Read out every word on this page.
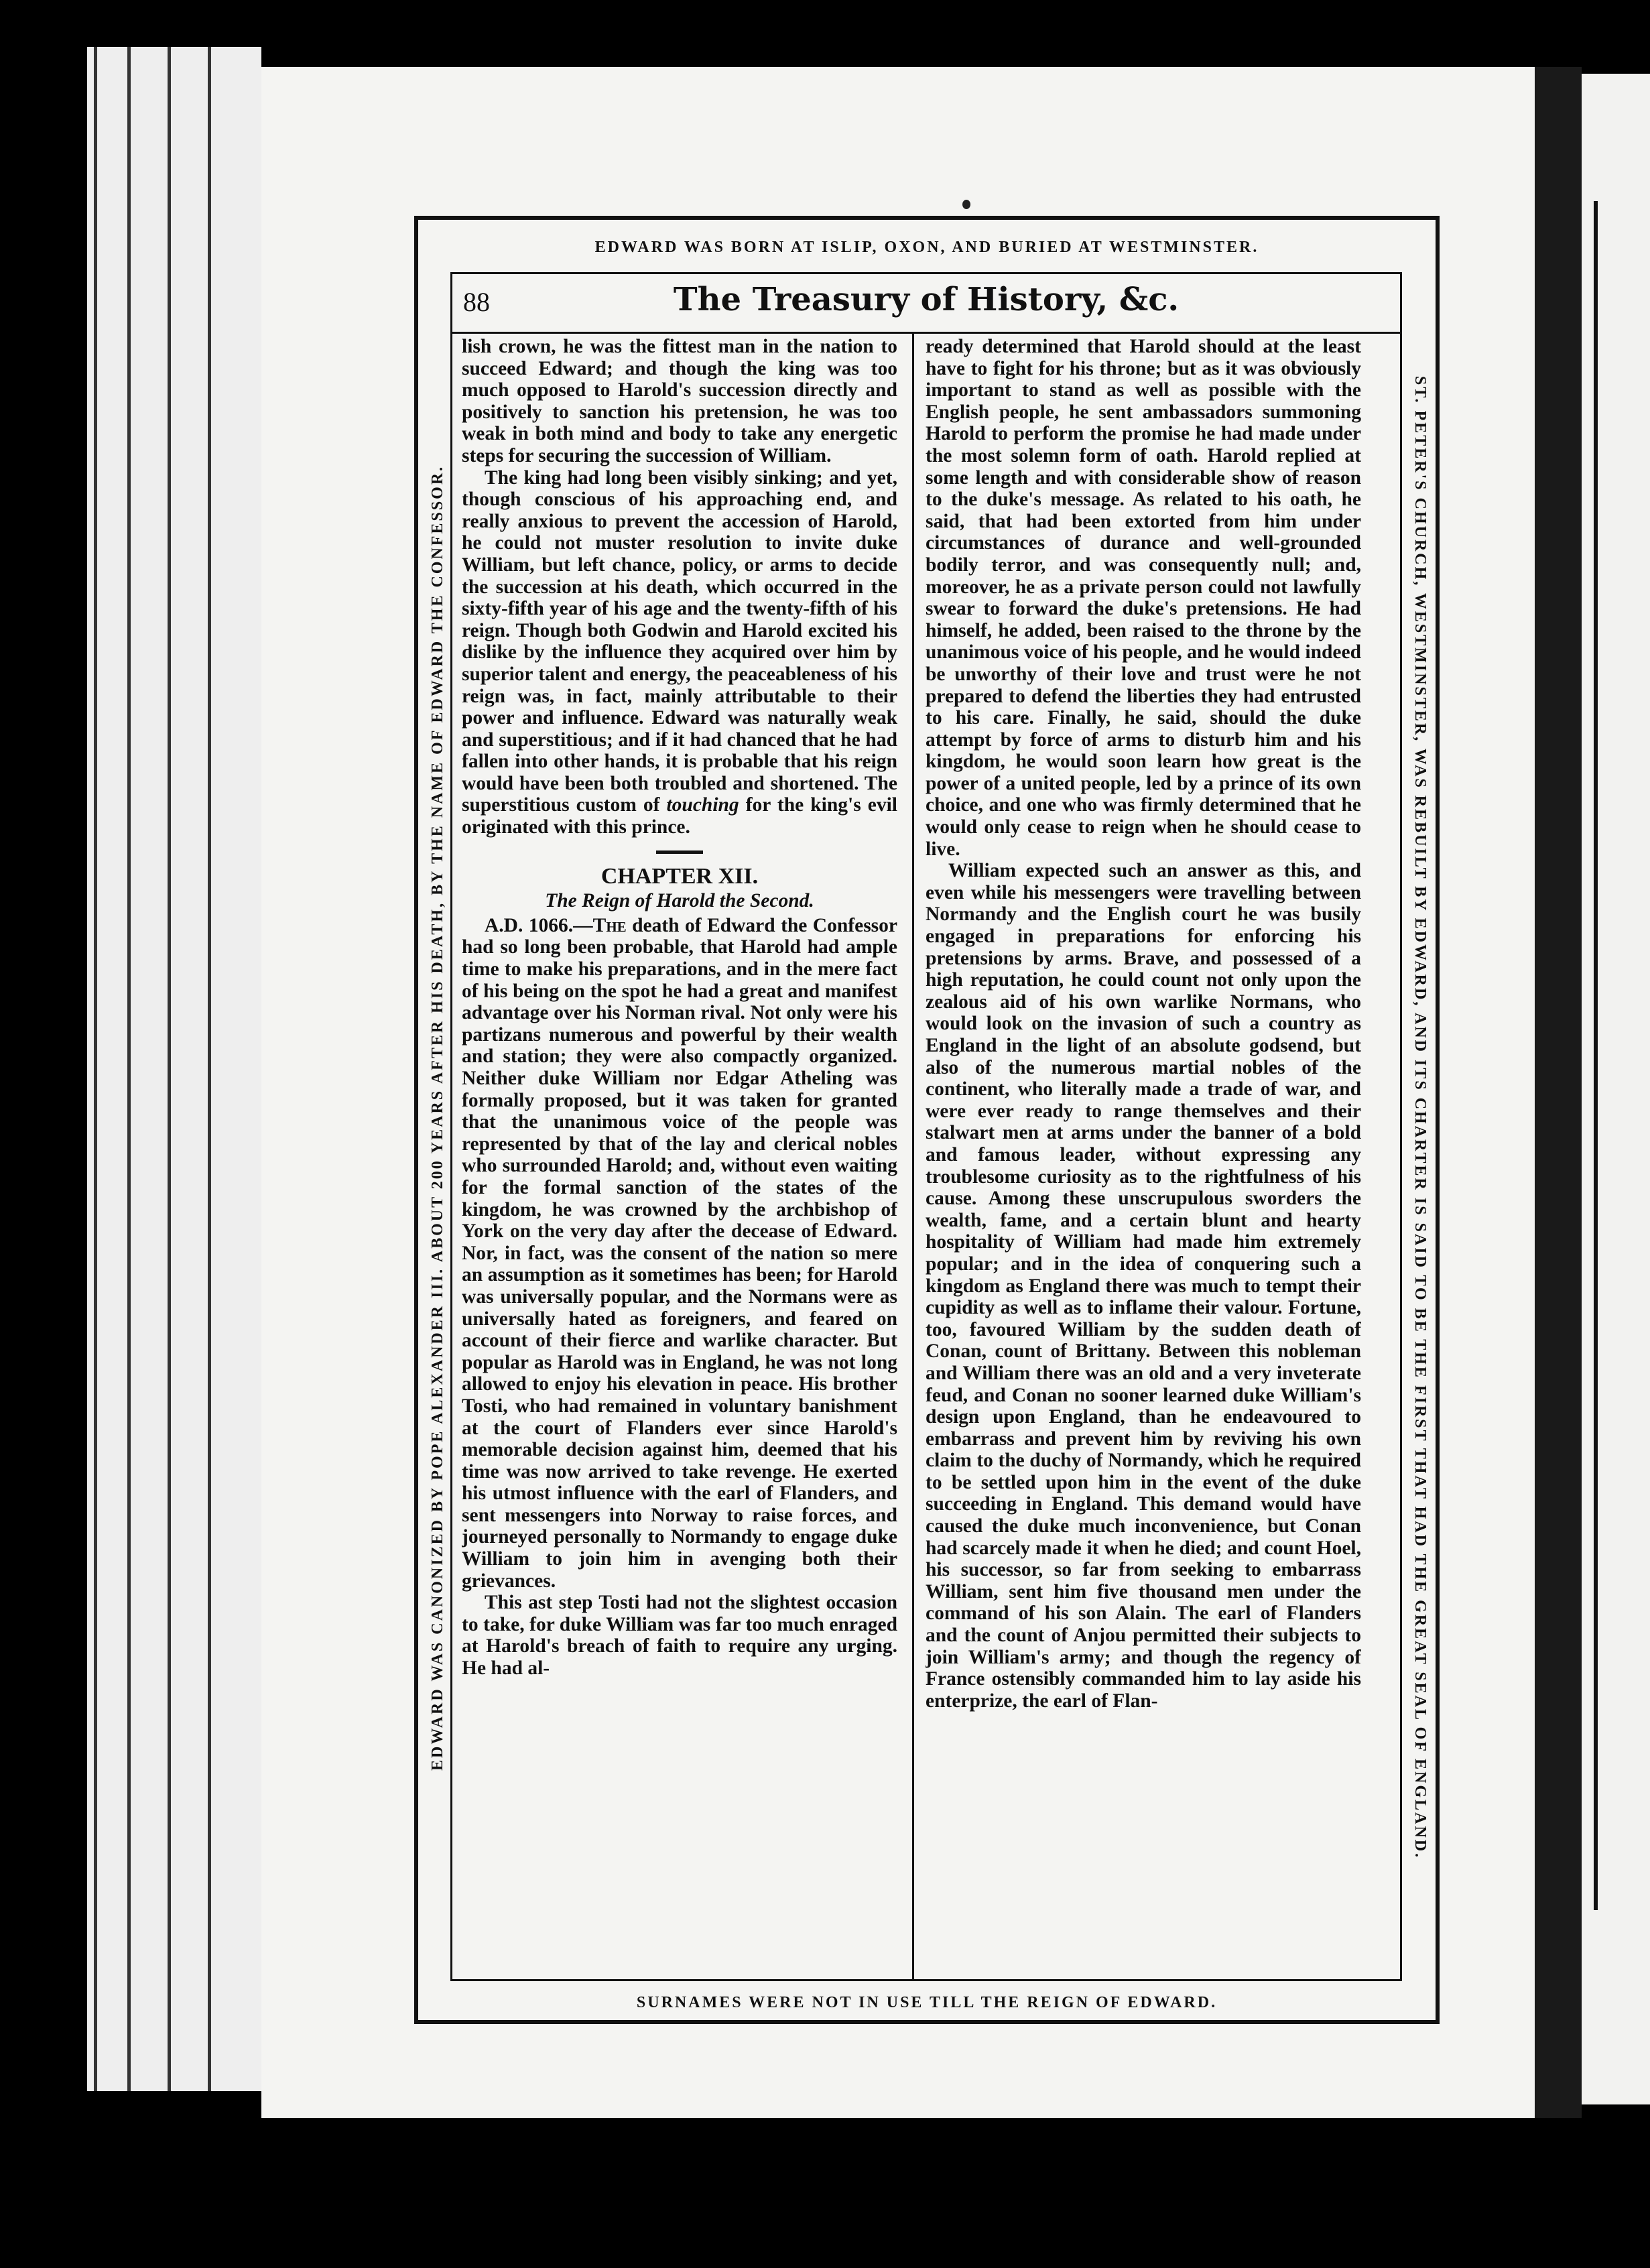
EDWARD WAS BORN AT ISLIP, OXON, AND BURIED AT WESTMINSTER.
EDWARD WAS CANONIZED BY POPE ALEXANDER III. ABOUT 200 YEARS AFTER HIS DEATH, BY THE NAME OF EDWARD THE CONFESSOR.	ST. PETER'S CHURCH, WESTMINSTER, WAS REBUILT BY EDWARD, AND ITS CHARTER IS SAID TO BE THE FIRST THAT HAD THE GREAT SEAL OF ENGLAND.
SURNAMES WERE NOT IN USE TILL THE REIGN OF EDWARD.
88	The Treasury of History, &c.

lish crown, he was the fittest man in the nation to succeed Edward; and though the king was too much opposed to Harold's succession directly and positively to sanction his pretension, he was too weak in both mind and body to take any energetic steps for securing the succession of William.

The king had long been visibly sinking; and yet, though conscious of his approaching end, and really anxious to prevent the accession of Harold, he could not muster resolution to invite duke William, but left chance, policy, or arms to decide the succession at his death, which occurred in the sixty-fifth year of his age and the twenty-fifth of his reign. Though both Godwin and Harold excited his dislike by the influence they acquired over him by superior talent and energy, the peaceableness of his reign was, in fact, mainly attributable to their power and influence. Edward was naturally weak and superstitious; and if it had chanced that he had fallen into other hands, it is probable that his reign would have been both troubled and shortened. The superstitious custom of touching for the king's evil originated with this prince.

CHAPTER XII.
The Reign of Harold the Second.

A.D. 1066.—The death of Edward the Confessor had so long been probable, that Harold had ample time to make his preparations, and in the mere fact of his being on the spot he had a great and manifest advantage over his Norman rival. Not only were his partizans numerous and powerful by their wealth and station; they were also compactly organized. Neither duke William nor Edgar Atheling was formally proposed, but it was taken for granted that the unanimous voice of the people was represented by that of the lay and clerical nobles who surrounded Harold; and, without even waiting for the formal sanction of the states of the kingdom, he was crowned by the archbishop of York on the very day after the decease of Edward. Nor, in fact, was the consent of the nation so mere an assumption as it sometimes has been; for Harold was universally popular, and the Normans were as universally hated as foreigners, and feared on account of their fierce and warlike character. But popular as Harold was in England, he was not long allowed to enjoy his elevation in peace. His brother Tosti, who had remained in voluntary banishment at the court of Flanders ever since Harold's memorable decision against him, deemed that his time was now arrived to take revenge. He exerted his utmost influence with the earl of Flanders, and sent messengers into Norway to raise forces, and journeyed personally to Normandy to engage duke William to join him in avenging both their grievances.

This ast step Tosti had not the slightest occasion to take, for duke William was far too much enraged at Harold's breach of faith to require any urging. He had al-

ready determined that Harold should at the least have to fight for his throne; but as it was obviously important to stand as well as possible with the English people, he sent ambassadors summoning Harold to perform the promise he had made under the most solemn form of oath. Harold replied at some length and with considerable show of reason to the duke's message. As related to his oath, he said, that had been extorted from him under circumstances of durance and well-grounded bodily terror, and was consequently null; and, moreover, he as a private person could not lawfully swear to forward the duke's pretensions. He had himself, he added, been raised to the throne by the unanimous voice of his people, and he would indeed be unworthy of their love and trust were he not prepared to defend the liberties they had entrusted to his care. Finally, he said, should the duke attempt by force of arms to disturb him and his kingdom, he would soon learn how great is the power of a united people, led by a prince of its own choice, and one who was firmly determined that he would only cease to reign when he should cease to live.

William expected such an answer as this, and even while his messengers were travelling between Normandy and the English court he was busily engaged in preparations for enforcing his pretensions by arms. Brave, and possessed of a high reputation, he could count not only upon the zealous aid of his own warlike Normans, who would look on the invasion of such a country as England in the light of an absolute godsend, but also of the numerous martial nobles of the continent, who literally made a trade of war, and were ever ready to range themselves and their stalwart men at arms under the banner of a bold and famous leader, without expressing any troublesome curiosity as to the rightfulness of his cause. Among these unscrupulous sworders the wealth, fame, and a certain blunt and hearty hospitality of William had made him extremely popular; and in the idea of conquering such a kingdom as England there was much to tempt their cupidity as well as to inflame their valour. Fortune, too, favoured William by the sudden death of Conan, count of Brittany. Between this nobleman and William there was an old and a very inveterate feud, and Conan no sooner learned duke William's design upon England, than he endeavoured to embarrass and prevent him by reviving his own claim to the duchy of Normandy, which he required to be settled upon him in the event of the duke succeeding in England. This demand would have caused the duke much inconvenience, but Conan had scarcely made it when he died; and count Hoel, his successor, so far from seeking to embarrass William, sent him five thousand men under the command of his son Alain. The earl of Flanders and the count of Anjou permitted their subjects to join William's army; and though the regency of France ostensibly commanded him to lay aside his enterprize, the earl of Flan-
